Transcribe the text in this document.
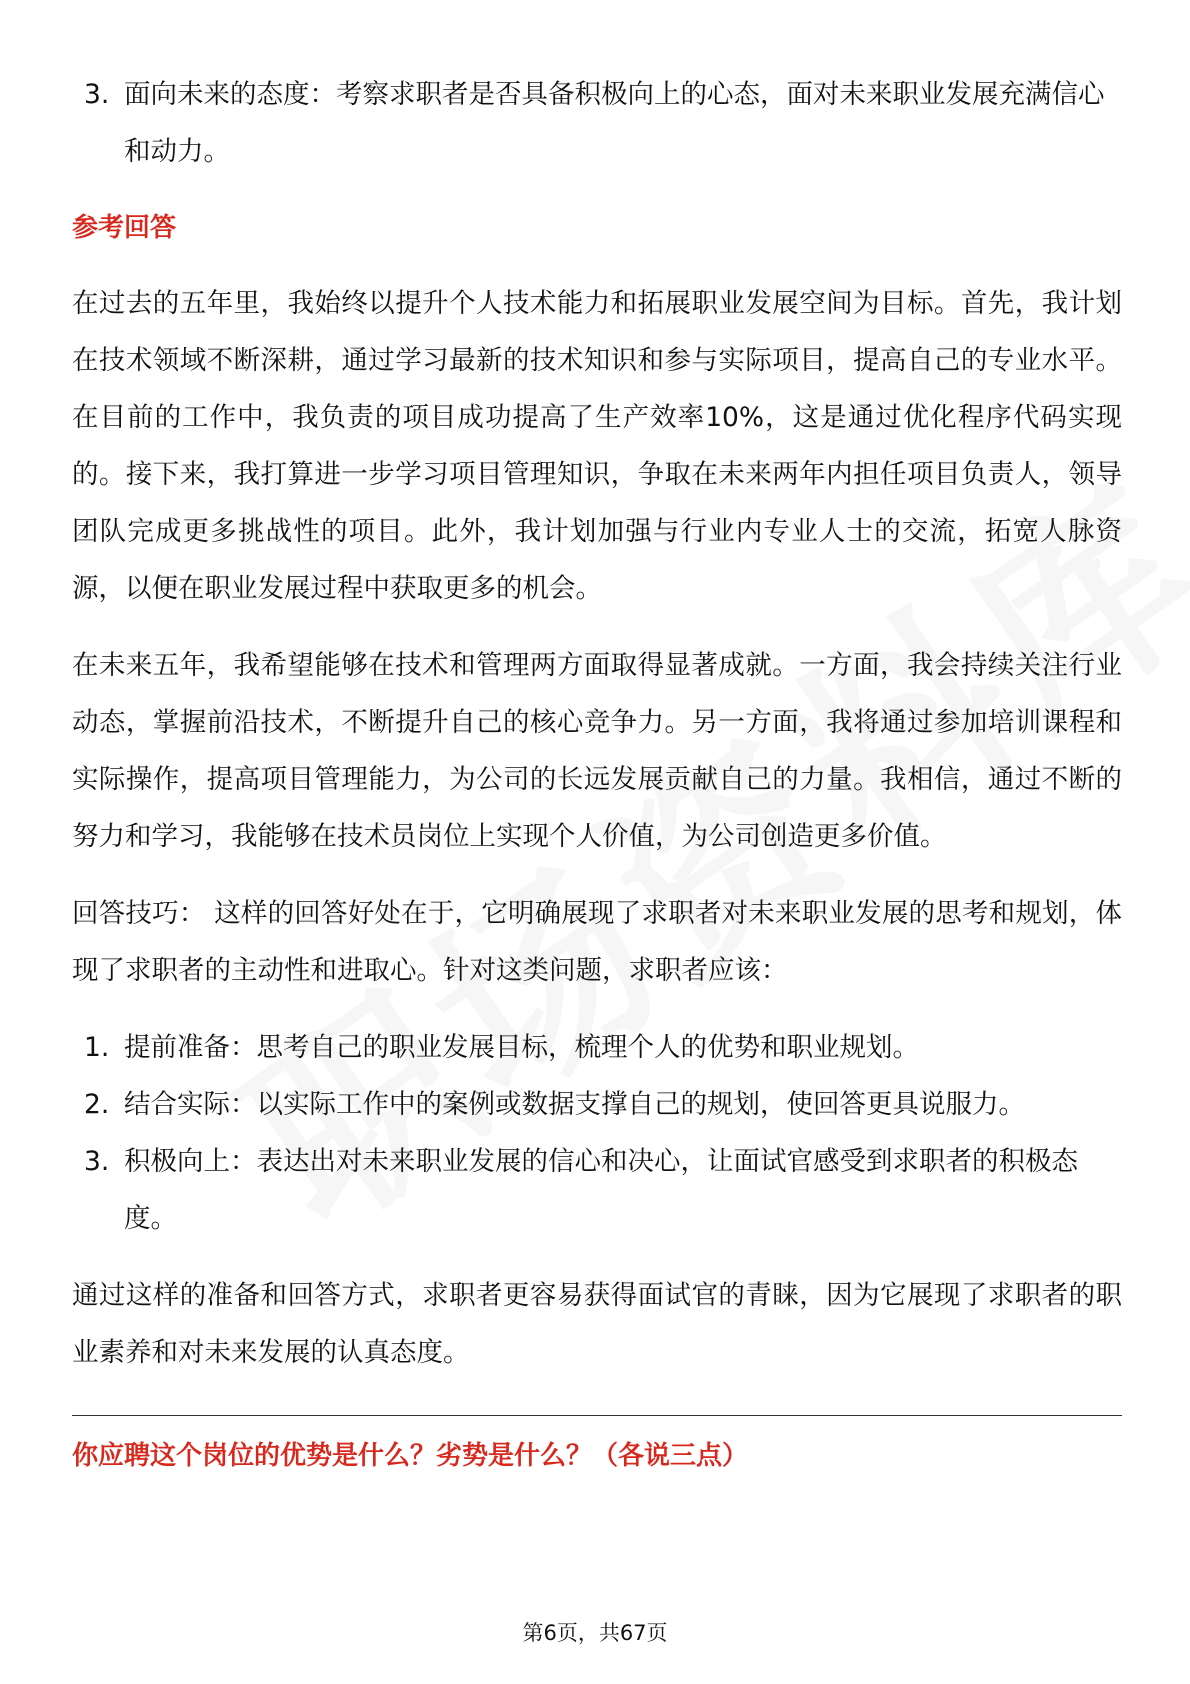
3. 面向未来的态度：考察求职者是否具备积极向上的心态，面对未来职业发展充满信心和动力。
参考回答

在过去的五年里，我始终以提升个人技术能力和拓展职业发展空间为目标。首先，我计划在技术领域不断深耕，通过学习最新的技术知识和参与实际项目，提高自己的专业水平。在目前的工作中，我负责的项目成功提高了生产效率10%，这是通过优化程序代码实现的。接下来，我打算进一步学习项目管理知识，争取在未来两年内担任项目负责人，领导团队完成更多挑战性的项目。此外，我计划加强与行业内专业人士的交流，拓宽人脉资源，以便在职业发展过程中获取更多的机会。

在未来五年，我希望能够在技术和管理两方面取得显著成就。一方面，我会持续关注行业动态，掌握前沿技术，不断提升自己的核心竞争力。另一方面，我将通过参加培训课程和实际操作，提高项目管理能力，为公司的长远发展贡献自己的力量。我相信，通过不断的努力和学习，我能够在技术员岗位上实现个人价值，为公司创造更多价值。

回答技巧： 这样的回答好处在于，它明确展现了求职者对未来职业发展的思考和规划，体现了求职者的主动性和进取心。针对这类问题，求职者应该：

1. 提前准备：思考自己的职业发展目标，梳理个人的优势和职业规划。
2. 结合实际：以实际工作中的案例或数据支撑自己的规划，使回答更具说服力。
3. 积极向上：表达出对未来职业发展的信心和决心，让面试官感受到求职者的积极态度。

通过这样的准备和回答方式，求职者更容易获得面试官的青睐，因为它展现了求职者的职业素养和对未来发展的认真态度。

你应聘这个岗位的优势是什么？劣势是什么？（各说三点）
第6页，共67页
